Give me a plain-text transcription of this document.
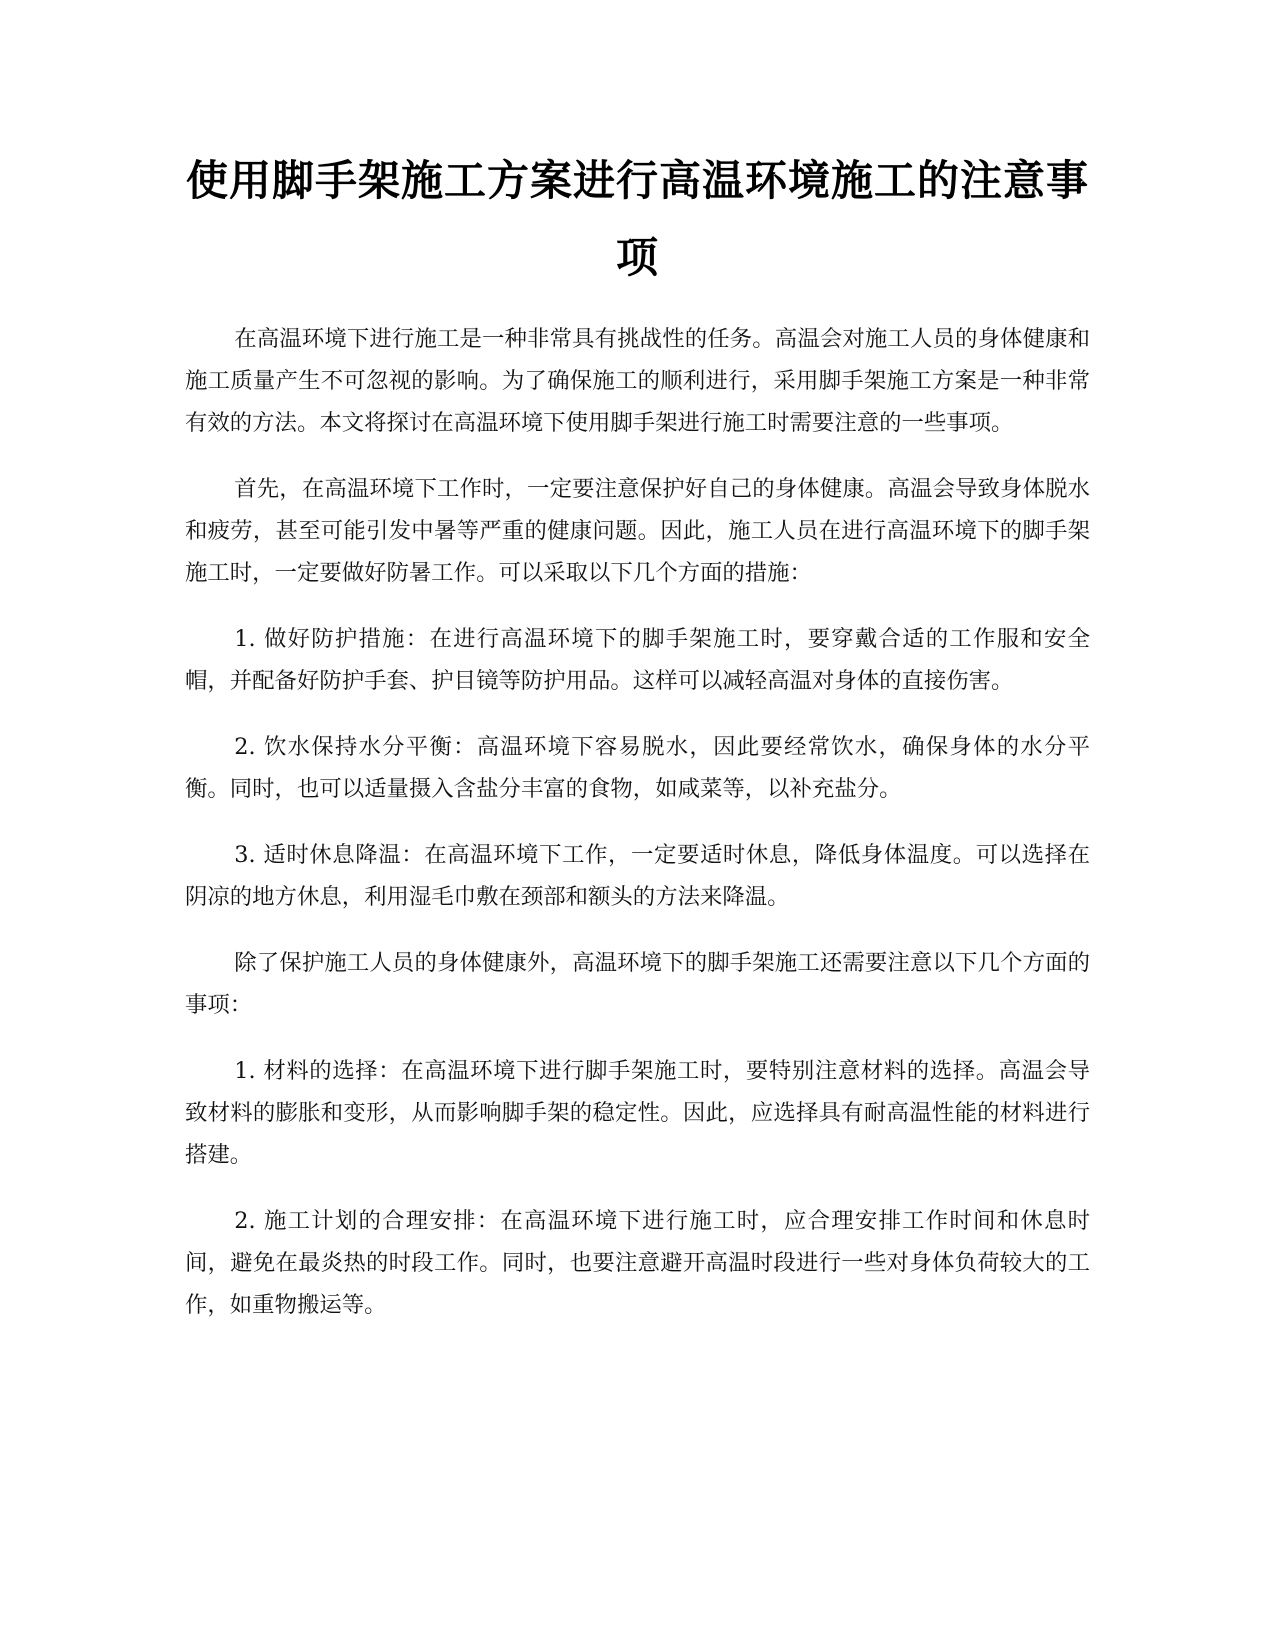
使用脚手架施工方案进行高温环境施工的注意事项

在高温环境下进行施工是一种非常具有挑战性的任务。高温会对施工人员的身体健康和施工质量产生不可忽视的影响。为了确保施工的顺利进行，采用脚手架施工方案是一种非常有效的方法。本文将探讨在高温环境下使用脚手架进行施工时需要注意的一些事项。

首先，在高温环境下工作时，一定要注意保护好自己的身体健康。高温会导致身体脱水和疲劳，甚至可能引发中暑等严重的健康问题。因此，施工人员在进行高温环境下的脚手架施工时，一定要做好防暑工作。可以采取以下几个方面的措施：

1. 做好防护措施：在进行高温环境下的脚手架施工时，要穿戴合适的工作服和安全帽，并配备好防护手套、护目镜等防护用品。这样可以减轻高温对身体的直接伤害。

2. 饮水保持水分平衡：高温环境下容易脱水，因此要经常饮水，确保身体的水分平衡。同时，也可以适量摄入含盐分丰富的食物，如咸菜等，以补充盐分。

3. 适时休息降温：在高温环境下工作，一定要适时休息，降低身体温度。可以选择在阴凉的地方休息，利用湿毛巾敷在颈部和额头的方法来降温。

除了保护施工人员的身体健康外，高温环境下的脚手架施工还需要注意以下几个方面的事项：

1. 材料的选择：在高温环境下进行脚手架施工时，要特别注意材料的选择。高温会导致材料的膨胀和变形，从而影响脚手架的稳定性。因此，应选择具有耐高温性能的材料进行搭建。

2. 施工计划的合理安排：在高温环境下进行施工时，应合理安排工作时间和休息时间，避免在最炎热的时段工作。同时，也要注意避开高温时段进行一些对身体负荷较大的工作，如重物搬运等。
